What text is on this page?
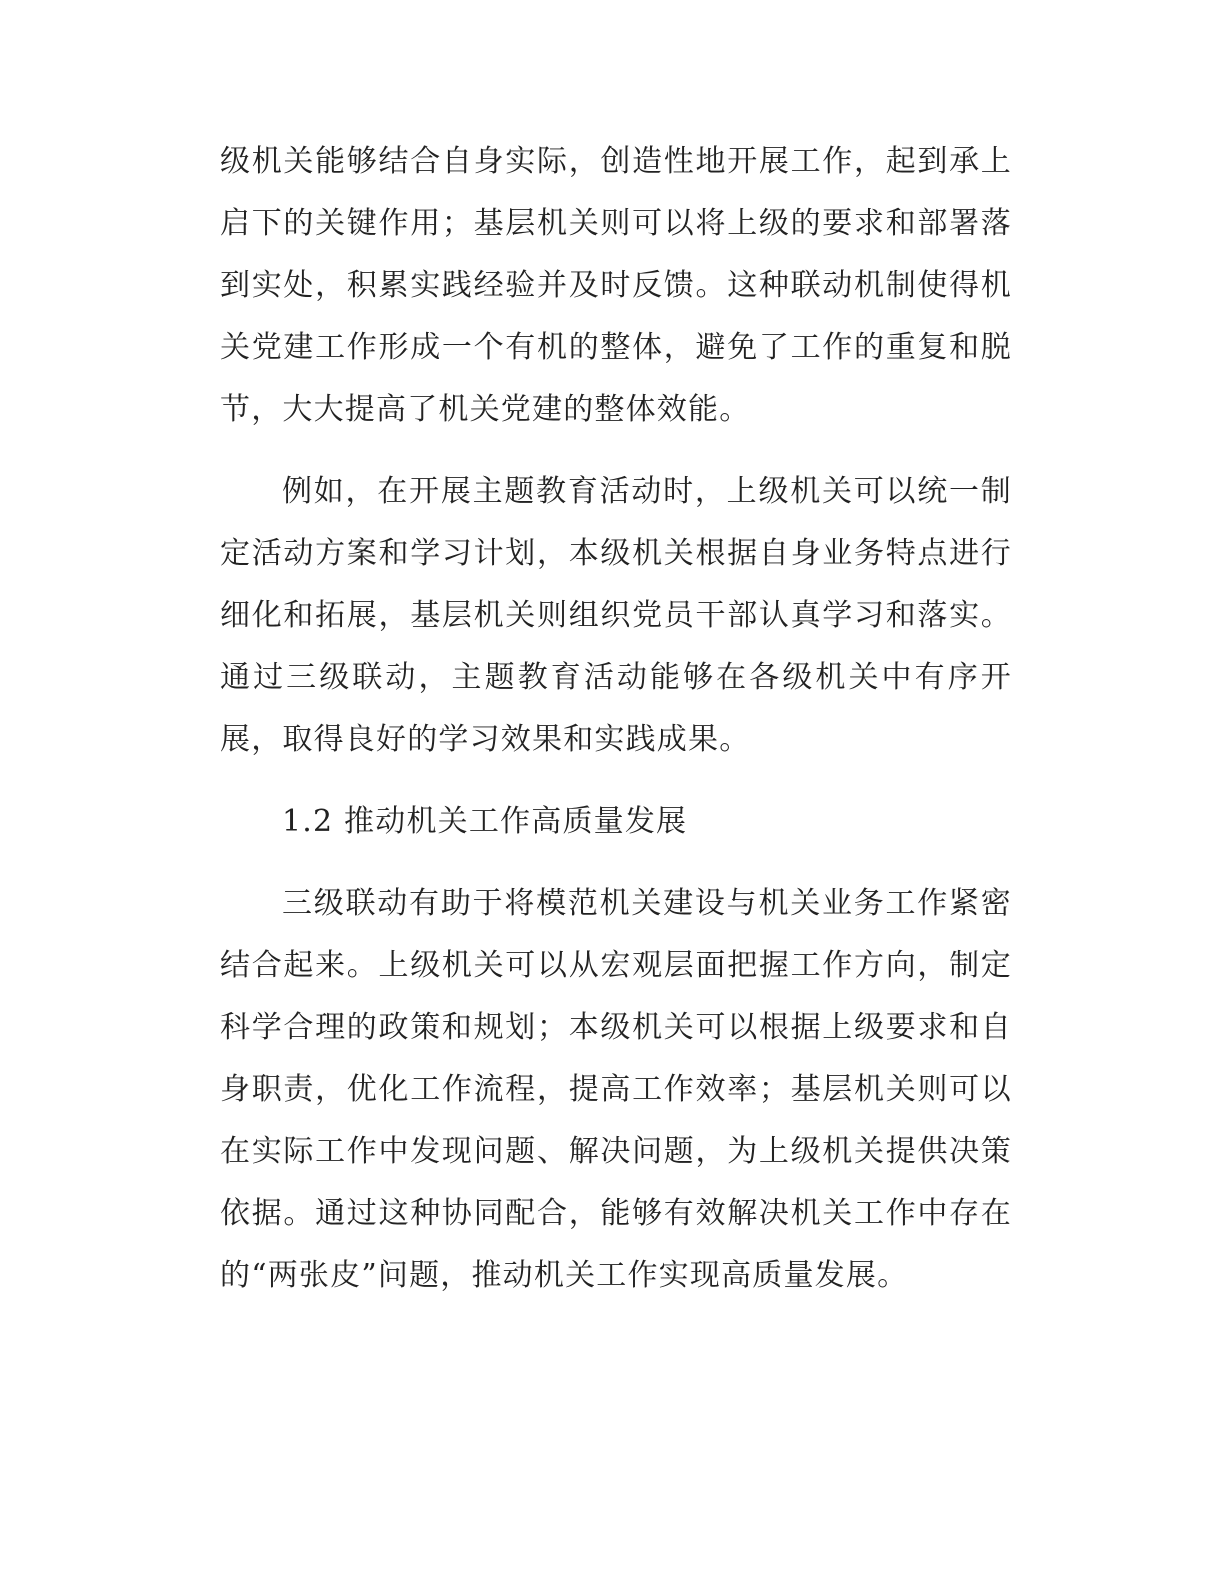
级机关能够结合自身实际，创造性地开展工作，起到承上启下的关键作用；基层机关则可以将上级的要求和部署落到实处，积累实践经验并及时反馈。这种联动机制使得机关党建工作形成一个有机的整体，避免了工作的重复和脱节，大大提高了机关党建的整体效能。

例如，在开展主题教育活动时，上级机关可以统一制定活动方案和学习计划，本级机关根据自身业务特点进行细化和拓展，基层机关则组织党员干部认真学习和落实。通过三级联动，主题教育活动能够在各级机关中有序开展，取得良好的学习效果和实践成果。

1.2 推动机关工作高质量发展

三级联动有助于将模范机关建设与机关业务工作紧密结合起来。上级机关可以从宏观层面把握工作方向，制定科学合理的政策和规划；本级机关可以根据上级要求和自身职责，优化工作流程，提高工作效率；基层机关则可以在实际工作中发现问题、解决问题，为上级机关提供决策依据。通过这种协同配合，能够有效解决机关工作中存在的“两张皮”问题，推动机关工作实现高质量发展。
